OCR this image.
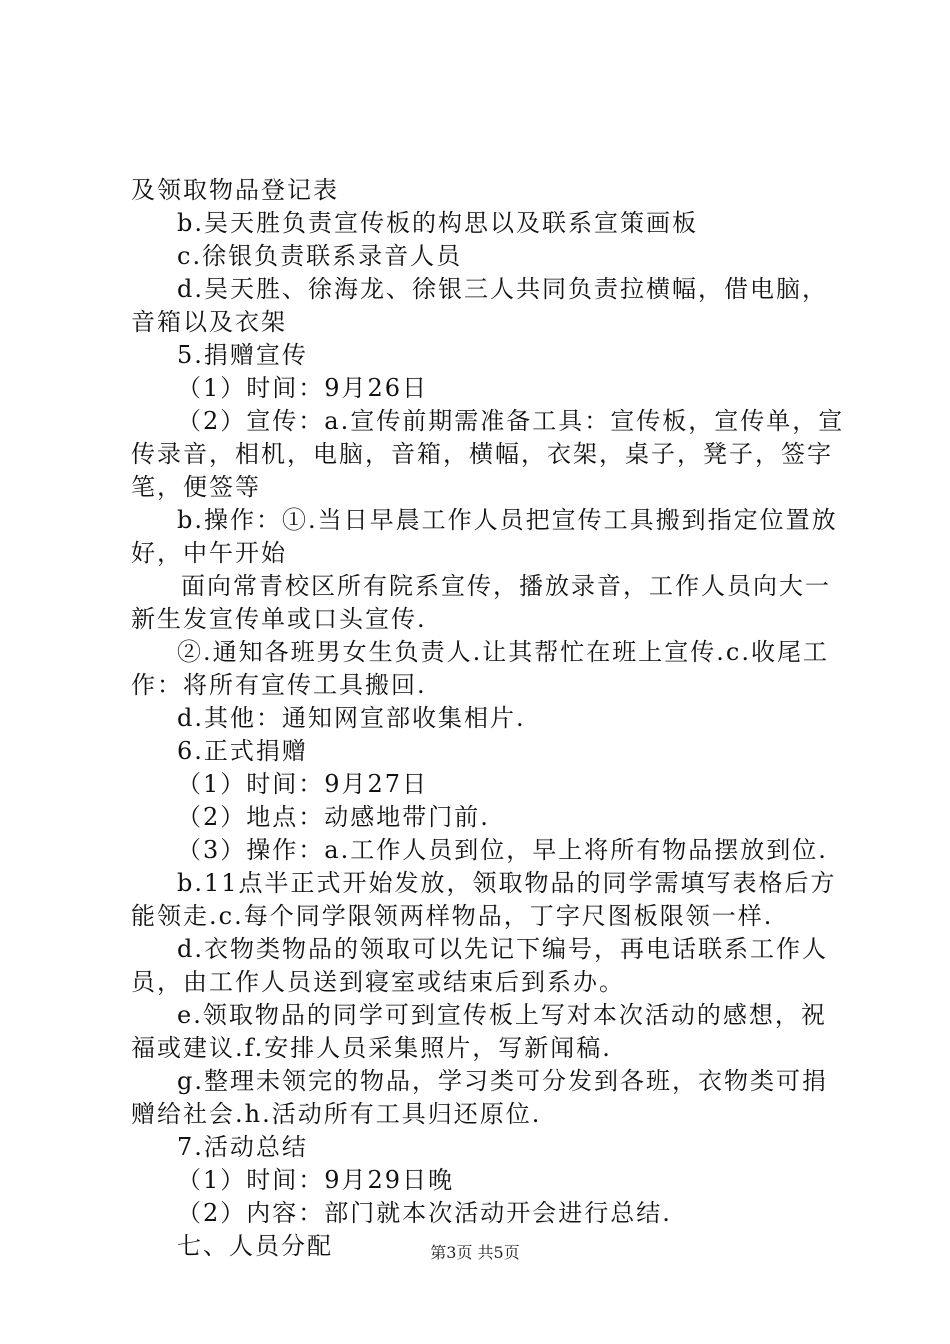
及领取物品登记表
b.吴天胜负责宣传板的构思以及联系宣策画板
c.徐银负责联系录音人员
d.吴天胜、徐海龙、徐银三人共同负责拉横幅，借电脑，
音箱以及衣架
5.捐赠宣传
（1）时间：9月26日
（2）宣传：a.宣传前期需准备工具：宣传板，宣传单，宣
传录音，相机，电脑，音箱，横幅，衣架，桌子，凳子，签字
笔，便签等
b.操作：①.当日早晨工作人员把宣传工具搬到指定位置放
好，中午开始
面向常青校区所有院系宣传，播放录音，工作人员向大一
新生发宣传单或口头宣传.
②.通知各班男女生负责人.让其帮忙在班上宣传.c.收尾工
作：将所有宣传工具搬回.
d.其他：通知网宣部收集相片.
6.正式捐赠
（1）时间：9月27日
（2）地点：动感地带门前.
（3）操作：a.工作人员到位，早上将所有物品摆放到位.
b.11点半正式开始发放，领取物品的同学需填写表格后方
能领走.c.每个同学限领两样物品，丁字尺图板限领一样.
d.衣物类物品的领取可以先记下编号，再电话联系工作人
员，由工作人员送到寝室或结束后到系办。
e.领取物品的同学可到宣传板上写对本次活动的感想，祝
福或建议.f.安排人员采集照片，写新闻稿.
g.整理未领完的物品，学习类可分发到各班，衣物类可捐
赠给社会.h.活动所有工具归还原位.
7.活动总结
（1）时间：9月29日晚
（2）内容：部门就本次活动开会进行总结.
七、人员分配	第3页 共5页
